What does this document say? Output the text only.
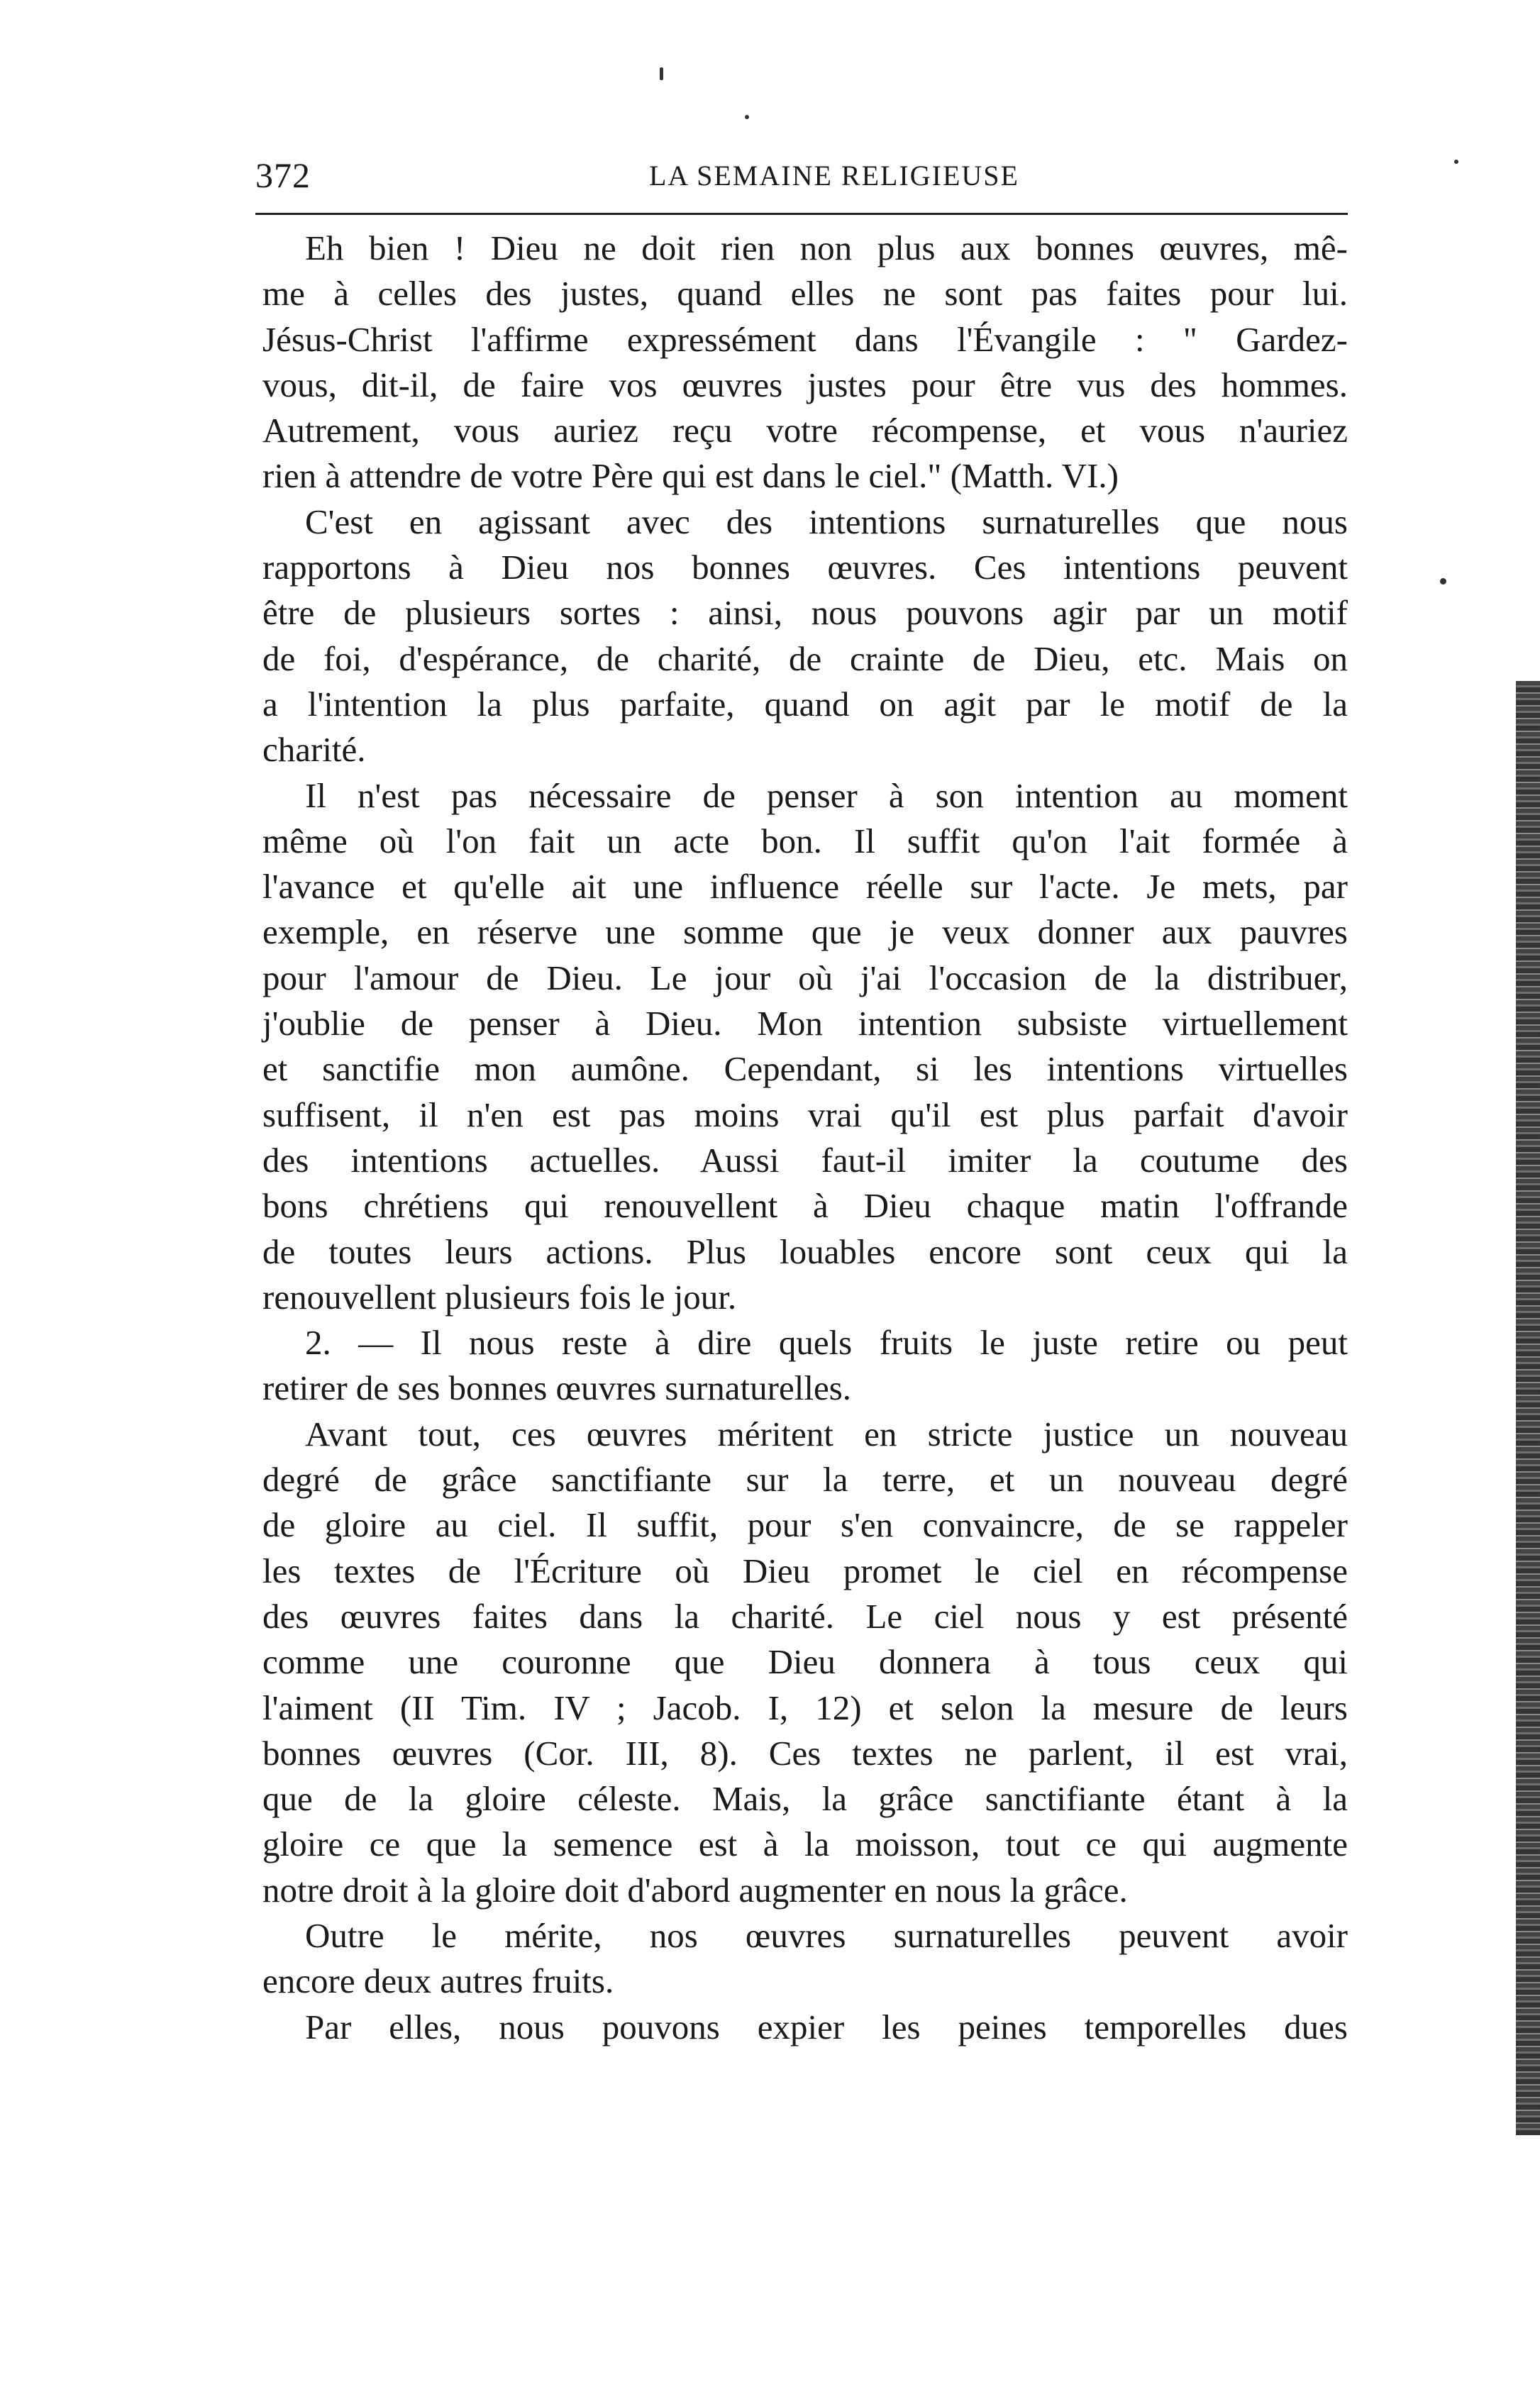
372	LA SEMAINE RELIGIEUSE
Eh bien ! Dieu ne doit rien non plus aux bonnes œuvres, mê-
me à celles des justes, quand elles ne sont pas faites pour lui.
Jésus-Christ l'affirme expressément dans l'Évangile : " Gardez-
vous, dit-il, de faire vos œuvres justes pour être vus des hommes.
Autrement, vous auriez reçu votre récompense, et vous n'auriez
rien à attendre de votre Père qui est dans le ciel." (Matth. VI.)
C'est en agissant avec des intentions surnaturelles que nous
rapportons à Dieu nos bonnes œuvres. Ces intentions peuvent
être de plusieurs sortes : ainsi, nous pouvons agir par un motif
de foi, d'espérance, de charité, de crainte de Dieu, etc. Mais on
a l'intention la plus parfaite, quand on agit par le motif de la
charité.
Il n'est pas nécessaire de penser à son intention au moment
même où l'on fait un acte bon. Il suffit qu'on l'ait formée à
l'avance et qu'elle ait une influence réelle sur l'acte. Je mets, par
exemple, en réserve une somme que je veux donner aux pauvres
pour l'amour de Dieu. Le jour où j'ai l'occasion de la distribuer,
j'oublie de penser à Dieu. Mon intention subsiste virtuellement
et sanctifie mon aumône. Cependant, si les intentions virtuelles
suffisent, il n'en est pas moins vrai qu'il est plus parfait d'avoir
des intentions actuelles. Aussi faut-il imiter la coutume des
bons chrétiens qui renouvellent à Dieu chaque matin l'offrande
de toutes leurs actions. Plus louables encore sont ceux qui la
renouvellent plusieurs fois le jour.
2. — Il nous reste à dire quels fruits le juste retire ou peut
retirer de ses bonnes œuvres surnaturelles.
Avant tout, ces œuvres méritent en stricte justice un nouveau
degré de grâce sanctifiante sur la terre, et un nouveau degré
de gloire au ciel. Il suffit, pour s'en convaincre, de se rappeler
les textes de l'Écriture où Dieu promet le ciel en récompense
des œuvres faites dans la charité. Le ciel nous y est présenté
comme une couronne que Dieu donnera à tous ceux qui
l'aiment (II Tim. IV ; Jacob. I, 12) et selon la mesure de leurs
bonnes œuvres (Cor. III, 8). Ces textes ne parlent, il est vrai,
que de la gloire céleste. Mais, la grâce sanctifiante étant à la
gloire ce que la semence est à la moisson, tout ce qui augmente
notre droit à la gloire doit d'abord augmenter en nous la grâce.
Outre le mérite, nos œuvres surnaturelles peuvent avoir
encore deux autres fruits.
Par elles, nous pouvons expier les peines temporelles dues
